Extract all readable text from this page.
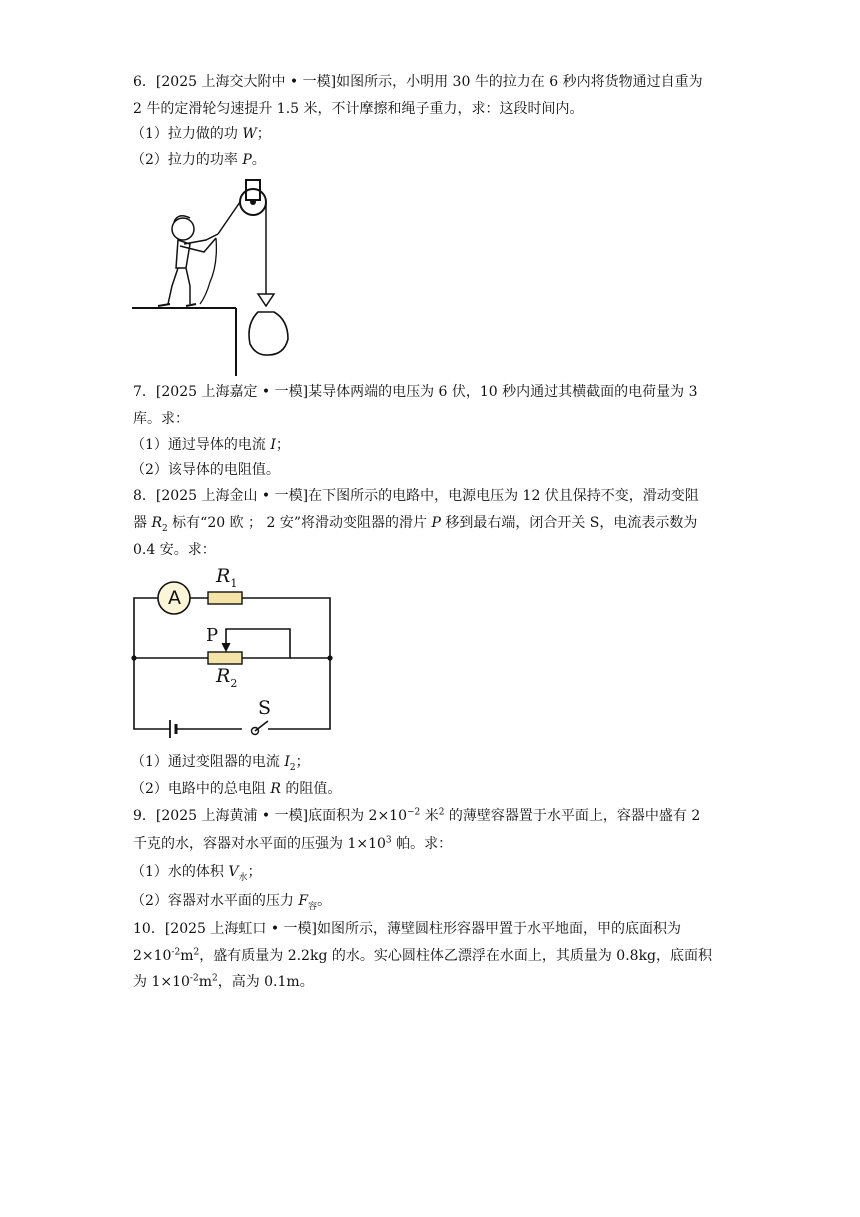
6．[2025 上海交大附中 • 一模]如图所示，小明用 30 牛的拉力在 6 秒内将货物通过自重为
2 牛的定滑轮匀速提升 1.5 米，不计摩擦和绳子重力，求：这段时间内。
（1）拉力做的功 W；
（2）拉力的功率 P。
7．[2025 上海嘉定 • 一模]某导体两端的电压为 6 伏，10 秒内通过其横截面的电荷量为 3
库。求：
（1）通过导体的电流 I；
（2）该导体的电阻值。
8．[2025 上海金山 • 一模]在下图所示的电路中，电源电压为 12 伏且保持不变，滑动变阻
器 $R_2$ 标有“20 欧 ； 2 安”将滑动变阻器的滑片 P 移到最右端，闭合开关 S，电流表示数为
0.4 安。求：
A
$R_1$
P
$R_2$
S
（1）通过变阻器的电流 $I_2$；
（2）电路中的总电阻 R 的阻值。
9．[2025 上海黄浦 • 一模]底面积为 $2\times 10^{-2}$ 米$^2$ 的薄壁容器置于水平面上，容器中盛有 2
千克的水，容器对水平面的压强为 $1\times 10^3$ 帕。求：
（1）水的体积 $V_水$；
（2）容器对水平面的压力 $F_容$。
10．[2025 上海虹口 • 一模]如图所示，薄壁圆柱形容器甲置于水平地面，甲的底面积为
$2\times 10^{-2}m^2$，盛有质量为 2.2kg 的水。实心圆柱体乙漂浮在水面上，其质量为 0.8kg，底面积
为 $1\times 10^{-2}m^2$，高为 0.1m。
